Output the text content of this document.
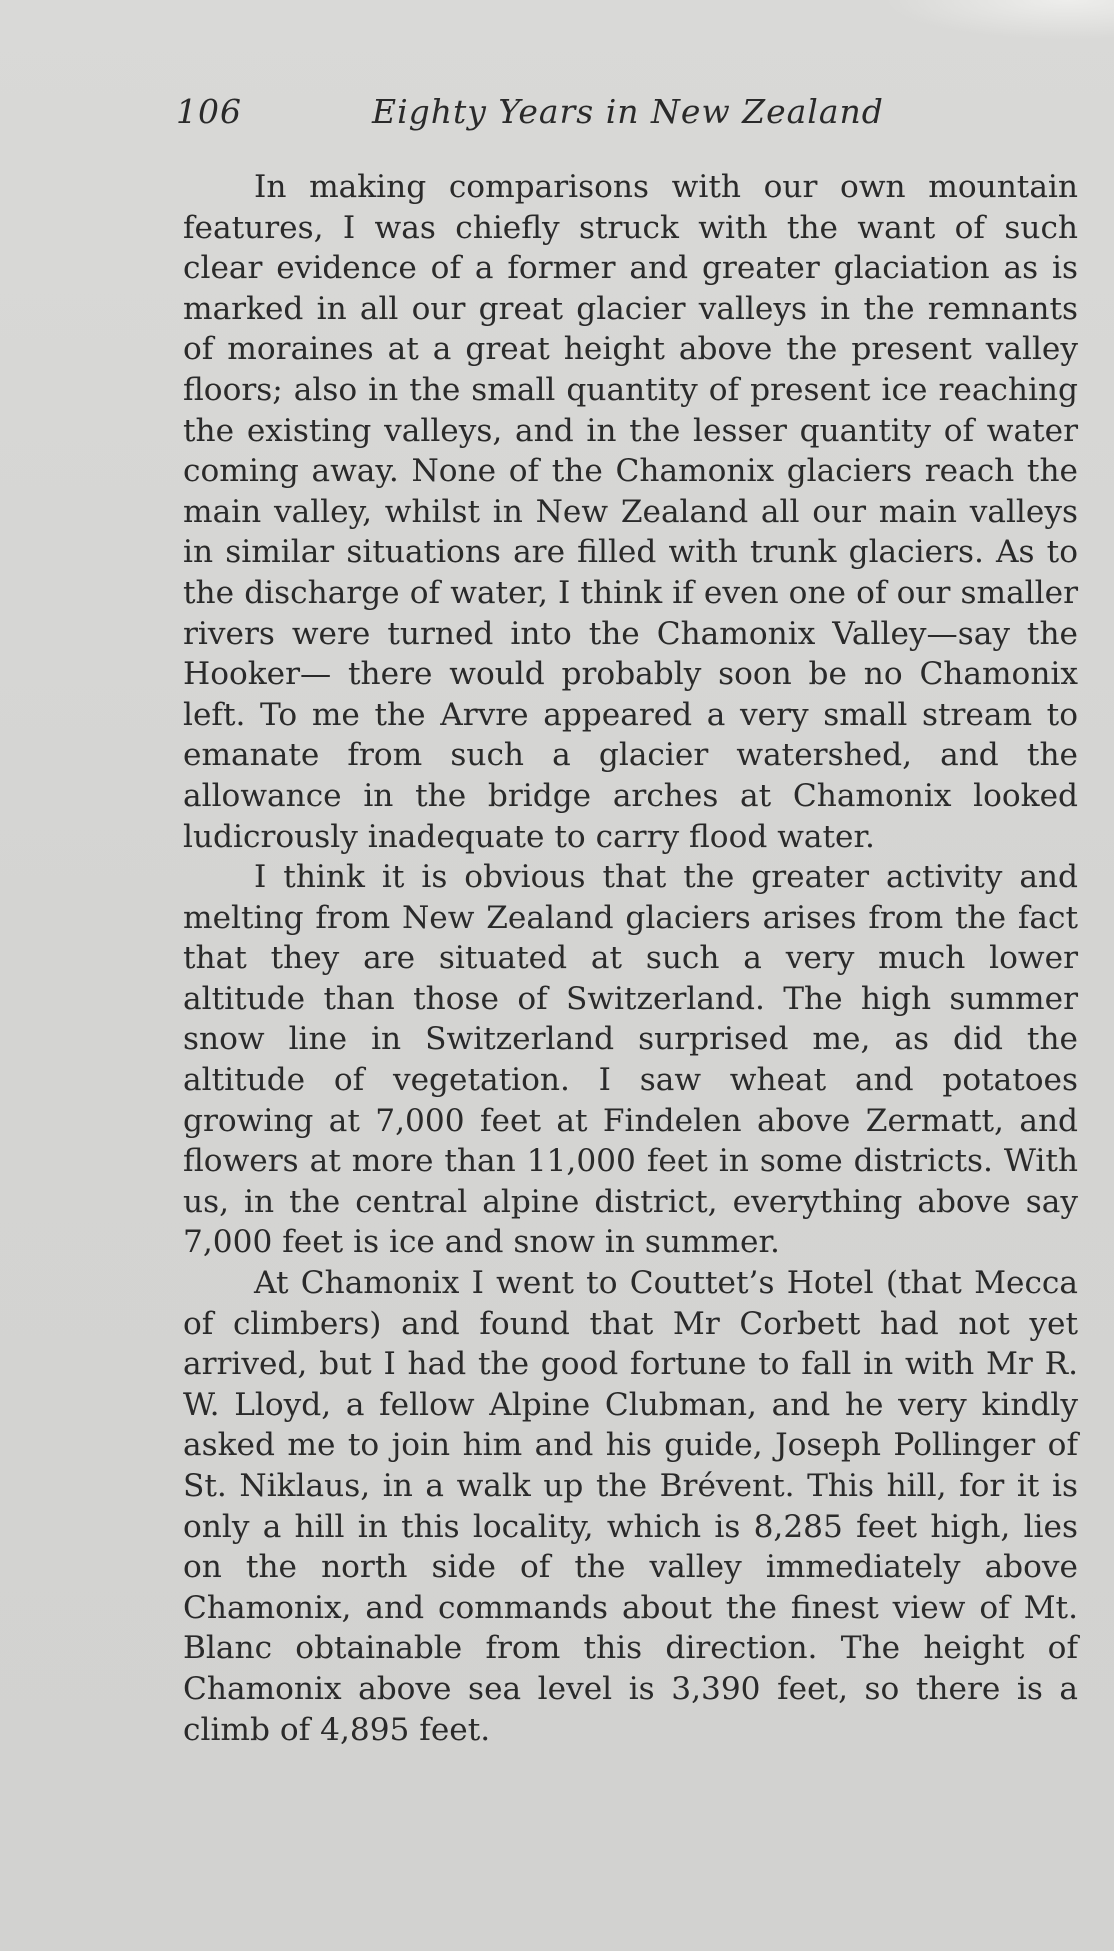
106	Eighty Years in New Zealand

In making comparisons with our own mountain features, I was chiefly struck with the want of such clear evidence of a former and greater glaciation as is marked in all our great glacier valleys in the remnants of moraines at a great height above the present valley floors; also in the small quantity of present ice reaching the existing valleys, and in the lesser quantity of water coming away. None of the Chamonix glaciers reach the main valley, whilst in New Zealand all our main valleys in similar situations are filled with trunk glaciers. As to the discharge of water, I think if even one of our smaller rivers were turned into the Chamonix Valley—say the Hooker— there would probably soon be no Chamonix left. To me the Arvre appeared a very small stream to emanate from such a glacier watershed, and the allowance in the bridge arches at Chamonix looked ludicrously inadequate to carry flood water.

I think it is obvious that the greater activity and melting from New Zealand glaciers arises from the fact that they are situated at such a very much lower altitude than those of Switzerland. The high summer snow line in Switzerland surprised me, as did the altitude of vegetation. I saw wheat and potatoes growing at 7,000 feet at Findelen above Zermatt, and flowers at more than 11,000 feet in some districts. With us, in the central alpine district, everything above say 7,000 feet is ice and snow in summer.

At Chamonix I went to Couttet’s Hotel (that Mecca of climbers) and found that Mr Corbett had not yet arrived, but I had the good fortune to fall in with Mr R. W. Lloyd, a fellow Alpine Clubman, and he very kindly asked me to join him and his guide, Joseph Pollinger of St. Niklaus, in a walk up the Brévent. This hill, for it is only a hill in this locality, which is 8,285 feet high, lies on the north side of the valley immediately above Chamonix, and commands about the finest view of Mt. Blanc obtainable from this direction. The height of Chamonix above sea level is 3,390 feet, so there is a climb of 4,895 feet.
